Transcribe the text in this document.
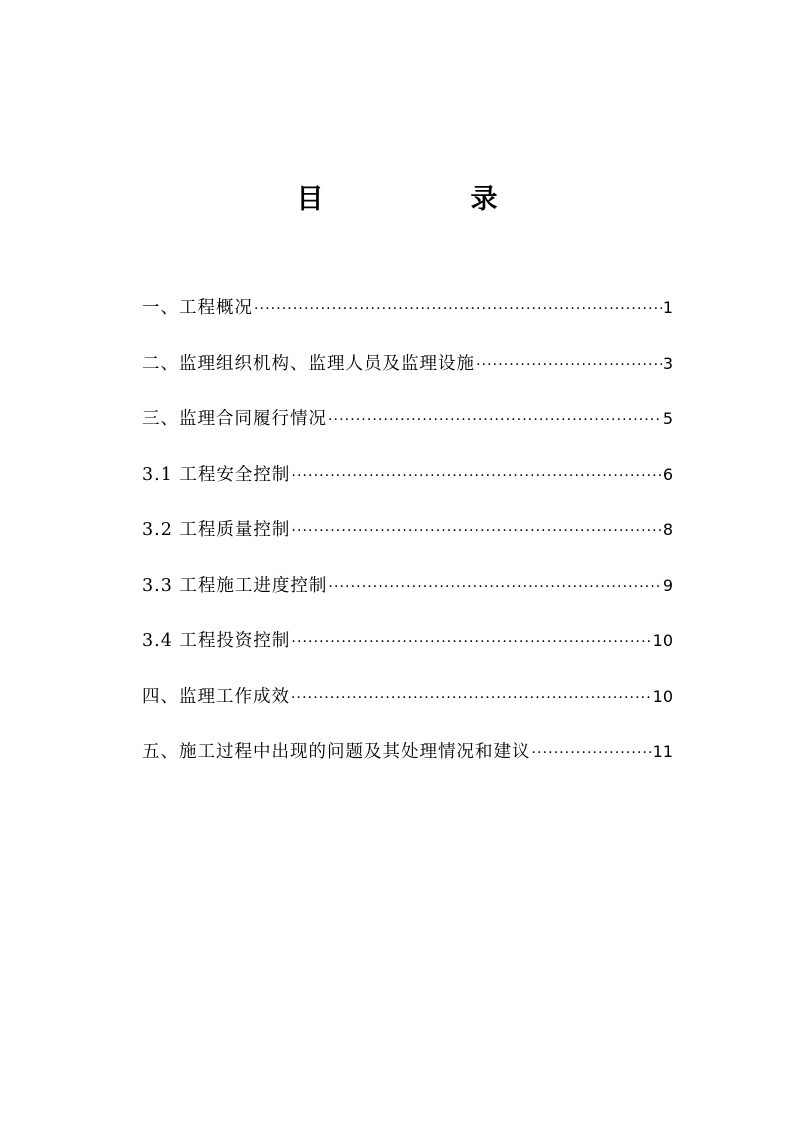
目　录
一、工程概况 ·····	1
二、监理组织机构、监理人员及监理设施 ·····	3
三、监理合同履行情况 ·····	5
3.1 工程安全控制 ·····	6
3.2 工程质量控制 ·····	8
3.3 工程施工进度控制 ·····	9
3.4 工程投资控制 ·····	10
四、监理工作成效 ·····	10
五、施工过程中出现的问题及其处理情况和建议 ·····	11
